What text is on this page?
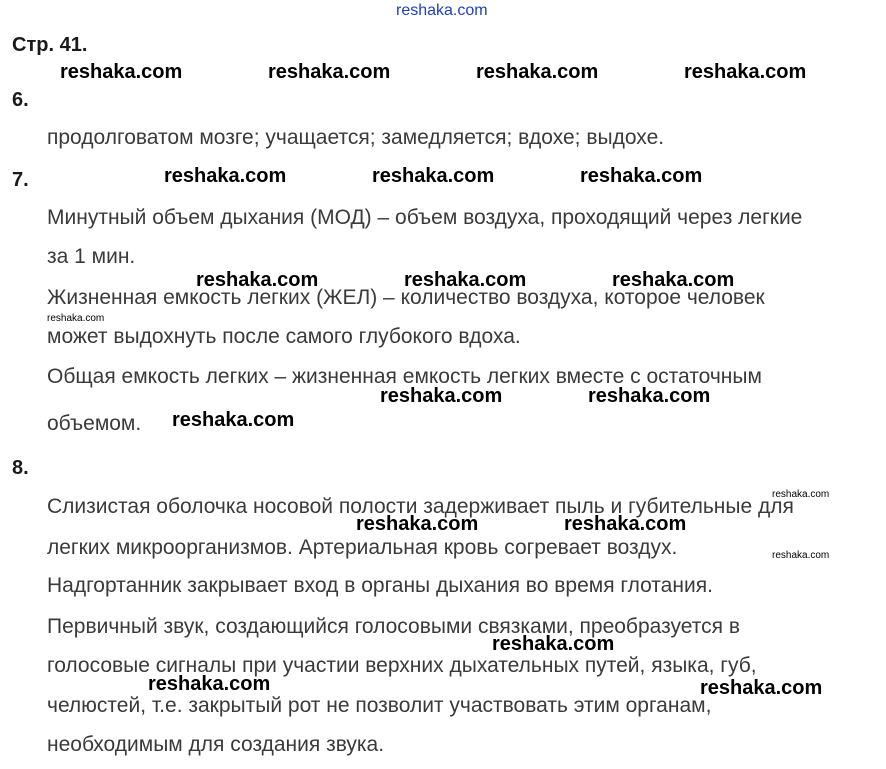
reshaka.com
Стр. 41.
6.
продолговатом мозге; учащается; замедляется; вдохе; выдохе.
7.
Минутный объем дыхания (МОД) – объем воздуха, проходящий через легкие
за 1 мин.
Жизненная емкость легких (ЖЕЛ) – количество воздуха, которое человек
может выдохнуть после самого глубокого вдоха.
Общая емкость легких – жизненная емкость легких вместе с остаточным
объемом.
8.
Слизистая оболочка носовой полости задерживает пыль и губительные для
легких микроорганизмов. Артериальная кровь согревает воздух.
Надгортанник закрывает вход в органы дыхания во время глотания.
Первичный звук, создающийся голосовыми связками, преобразуется в
голосовые сигналы при участии верхних дыхательных путей, языка, губ,
челюстей, т.е. закрытый рот не позволит участвовать этим органам,
необходимым для создания звука.
reshaka.com	reshaka.com	reshaka.com	reshaka.com
reshaka.com	reshaka.com	reshaka.com
reshaka.com	reshaka.com	reshaka.com
reshaka.com
reshaka.com	reshaka.com
reshaka.com
reshaka.com
reshaka.com	reshaka.com
reshaka.com
reshaka.com
reshaka.com	reshaka.com
